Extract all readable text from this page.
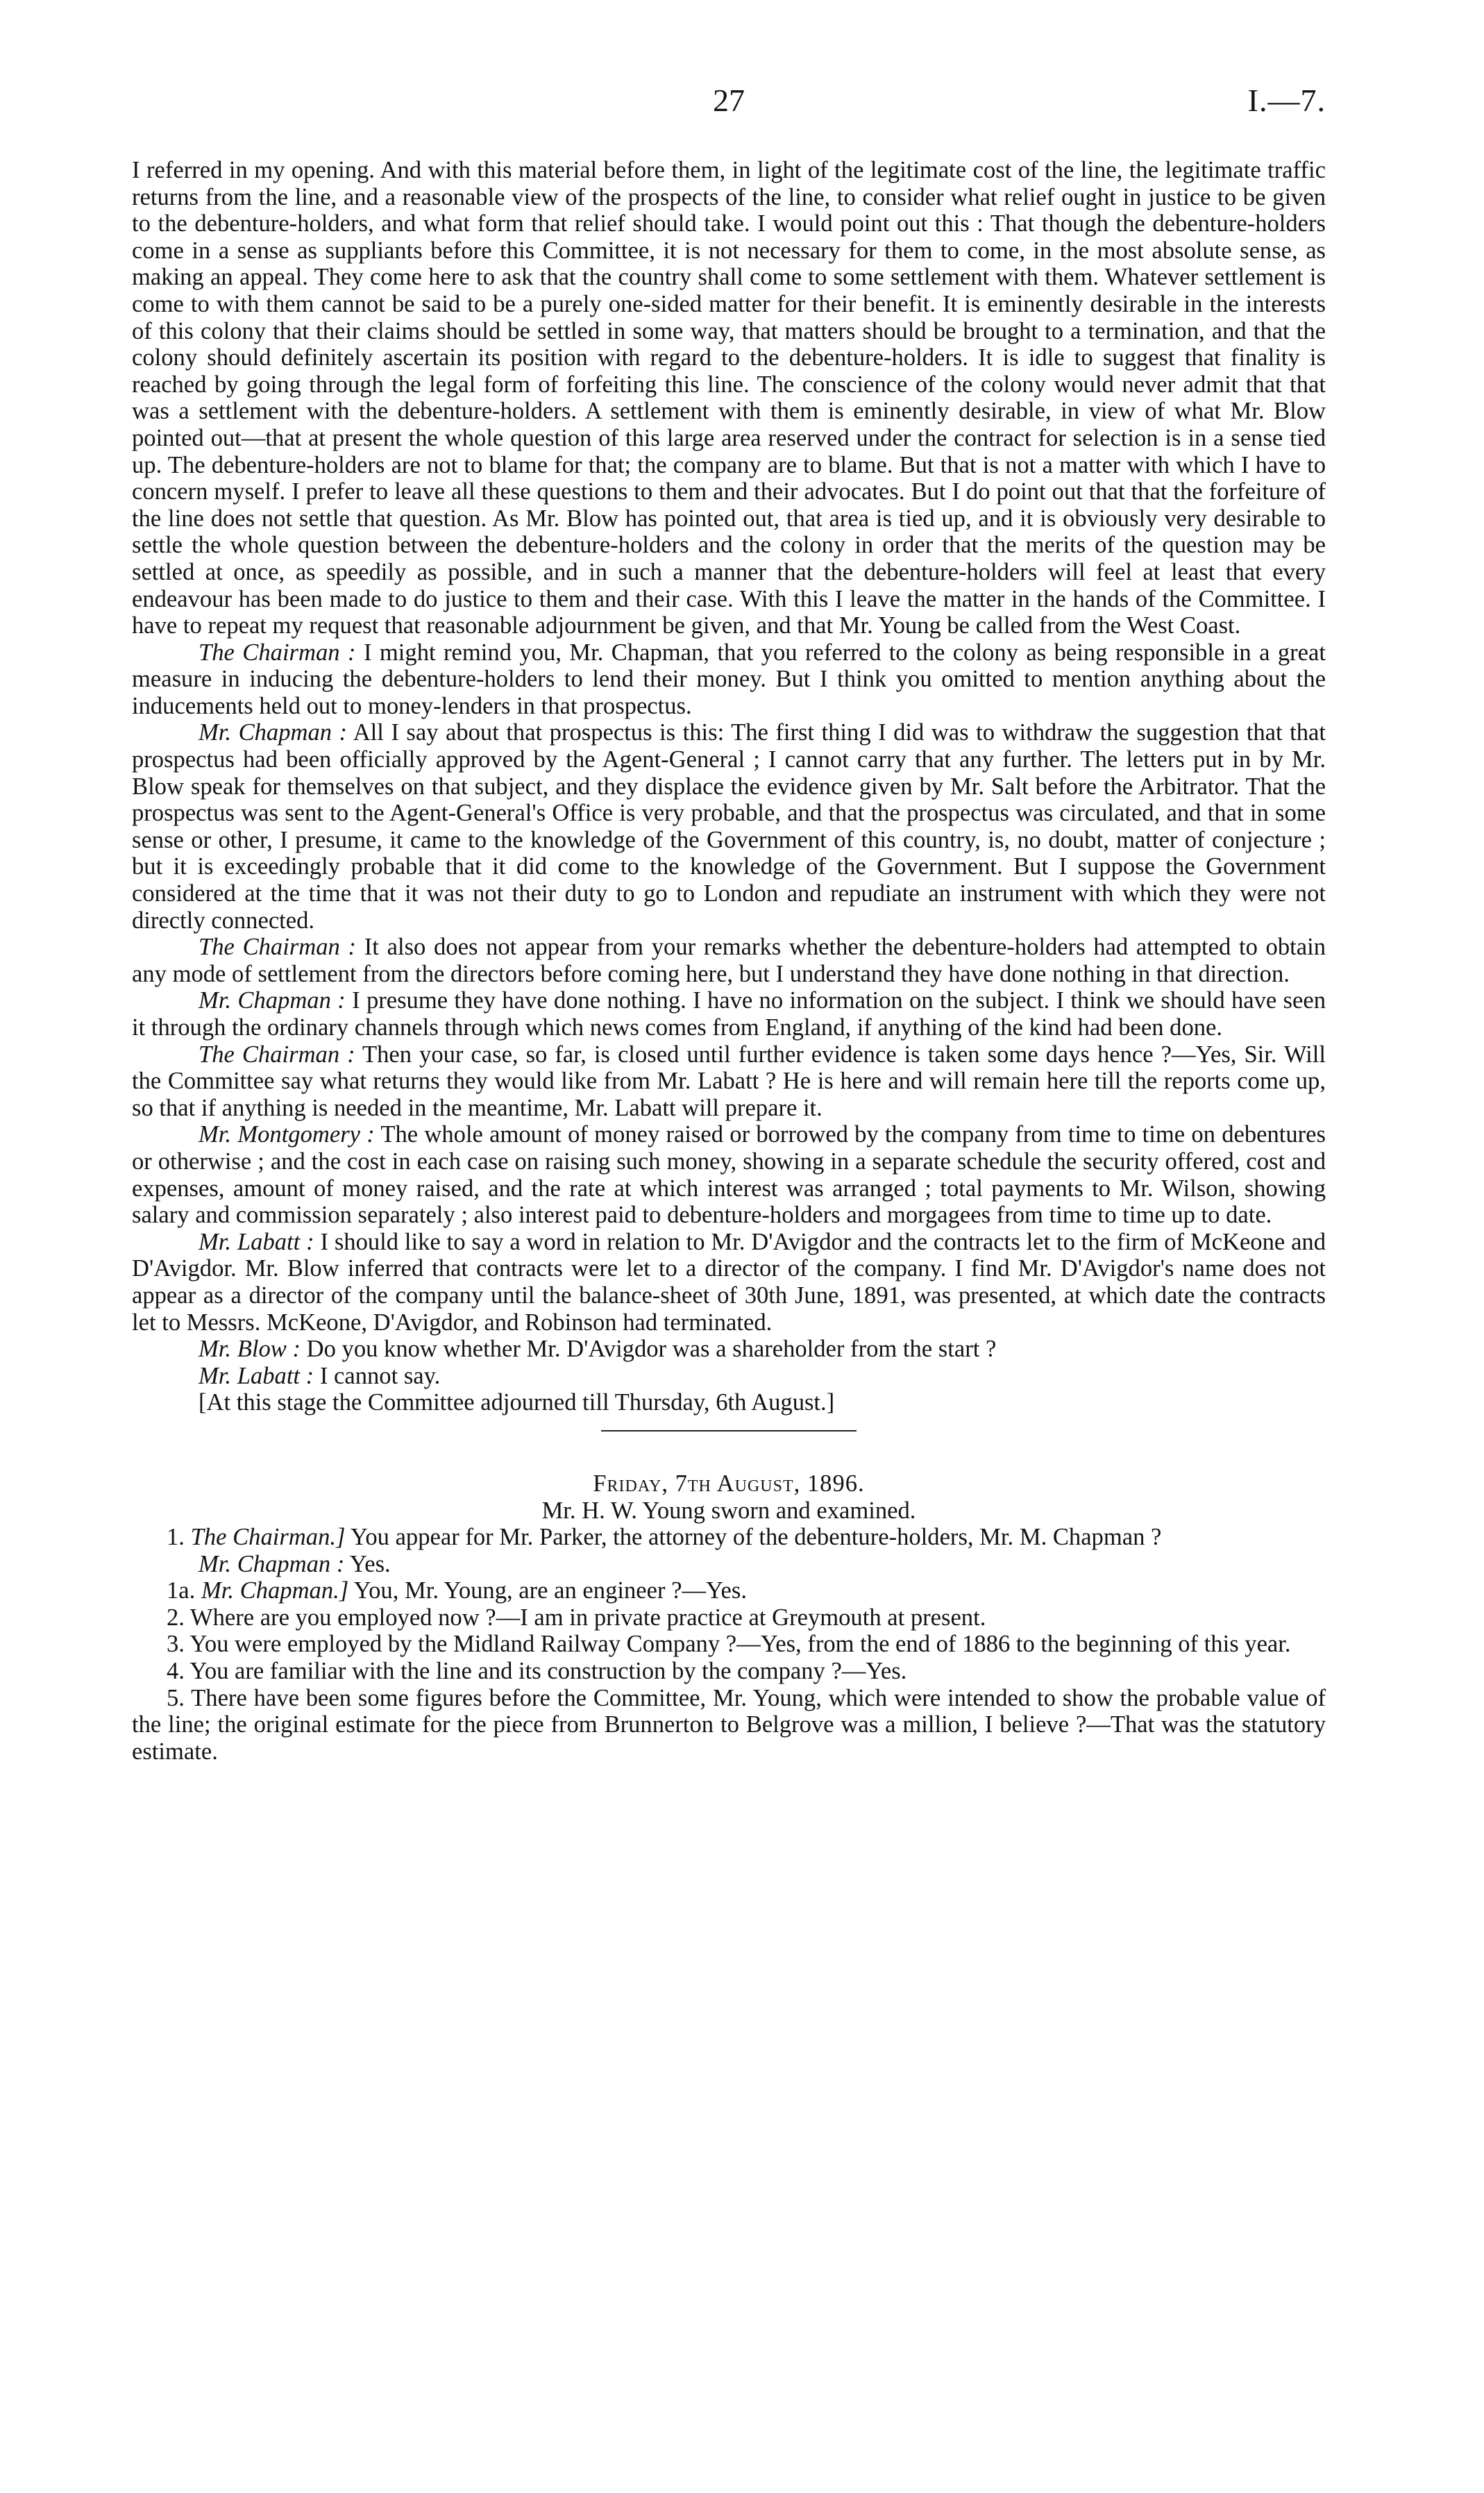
27	I.—7.

I referred in my opening. And with this material before them, in light of the legitimate cost of the line, the legitimate traffic returns from the line, and a reasonable view of the prospects of the line, to consider what relief ought in justice to be given to the debenture-holders, and what form that relief should take. I would point out this : That though the debenture-holders come in a sense as suppliants before this Committee, it is not necessary for them to come, in the most absolute sense, as making an appeal. They come here to ask that the country shall come to some settlement with them. Whatever settlement is come to with them cannot be said to be a purely one-sided matter for their benefit. It is eminently desirable in the interests of this colony that their claims should be settled in some way, that matters should be brought to a termination, and that the colony should definitely ascertain its position with regard to the debenture-holders. It is idle to suggest that finality is reached by going through the legal form of forfeiting this line. The conscience of the colony would never admit that that was a settlement with the debenture-holders. A settlement with them is eminently desirable, in view of what Mr. Blow pointed out—that at present the whole question of this large area reserved under the contract for selection is in a sense tied up. The debenture-holders are not to blame for that; the company are to blame. But that is not a matter with which I have to concern myself. I prefer to leave all these questions to them and their advocates. But I do point out that that the forfeiture of the line does not settle that question. As Mr. Blow has pointed out, that area is tied up, and it is obviously very desirable to settle the whole question between the debenture-holders and the colony in order that the merits of the question may be settled at once, as speedily as possible, and in such a manner that the debenture-holders will feel at least that every endeavour has been made to do justice to them and their case. With this I leave the matter in the hands of the Committee. I have to repeat my request that reasonable adjournment be given, and that Mr. Young be called from the West Coast.

The Chairman : I might remind you, Mr. Chapman, that you referred to the colony as being responsible in a great measure in inducing the debenture-holders to lend their money. But I think you omitted to mention anything about the inducements held out to money-lenders in that prospectus.

Mr. Chapman : All I say about that prospectus is this: The first thing I did was to withdraw the suggestion that that prospectus had been officially approved by the Agent-General ; I cannot carry that any further. The letters put in by Mr. Blow speak for themselves on that subject, and they displace the evidence given by Mr. Salt before the Arbitrator. That the prospectus was sent to the Agent-General's Office is very probable, and that the prospectus was circulated, and that in some sense or other, I presume, it came to the knowledge of the Government of this country, is, no doubt, matter of conjecture ; but it is exceedingly probable that it did come to the knowledge of the Government. But I suppose the Government considered at the time that it was not their duty to go to London and repudiate an instrument with which they were not directly connected.

The Chairman : It also does not appear from your remarks whether the debenture-holders had attempted to obtain any mode of settlement from the directors before coming here, but I understand they have done nothing in that direction.

Mr. Chapman : I presume they have done nothing. I have no information on the subject. I think we should have seen it through the ordinary channels through which news comes from England, if anything of the kind had been done.

The Chairman : Then your case, so far, is closed until further evidence is taken some days hence ?—Yes, Sir. Will the Committee say what returns they would like from Mr. Labatt ? He is here and will remain here till the reports come up, so that if anything is needed in the meantime, Mr. Labatt will prepare it.

Mr. Montgomery : The whole amount of money raised or borrowed by the company from time to time on debentures or otherwise ; and the cost in each case on raising such money, showing in a separate schedule the security offered, cost and expenses, amount of money raised, and the rate at which interest was arranged ; total payments to Mr. Wilson, showing salary and commission separately ; also interest paid to debenture-holders and morgagees from time to time up to date.

Mr. Labatt : I should like to say a word in relation to Mr. D'Avigdor and the contracts let to the firm of McKeone and D'Avigdor. Mr. Blow inferred that contracts were let to a director of the company. I find Mr. D'Avigdor's name does not appear as a director of the company until the balance-sheet of 30th June, 1891, was presented, at which date the contracts let to Messrs. McKeone, D'Avigdor, and Robinson had terminated.

Mr. Blow : Do you know whether Mr. D'Avigdor was a shareholder from the start ?

Mr. Labatt : I cannot say.

[At this stage the Committee adjourned till Thursday, 6th August.]

Friday, 7th August, 1896.

Mr. H. W. Young sworn and examined.

1. The Chairman.] You appear for Mr. Parker, the attorney of the debenture-holders, Mr. M. Chapman ?

Mr. Chapman : Yes.

1a. Mr. Chapman.] You, Mr. Young, are an engineer ?—Yes.

2. Where are you employed now ?—I am in private practice at Greymouth at present.

3. You were employed by the Midland Railway Company ?—Yes, from the end of 1886 to the beginning of this year.

4. You are familiar with the line and its construction by the company ?—Yes.

5. There have been some figures before the Committee, Mr. Young, which were intended to show the probable value of the line; the original estimate for the piece from Brunnerton to Belgrove was a million, I believe ?—That was the statutory estimate.
